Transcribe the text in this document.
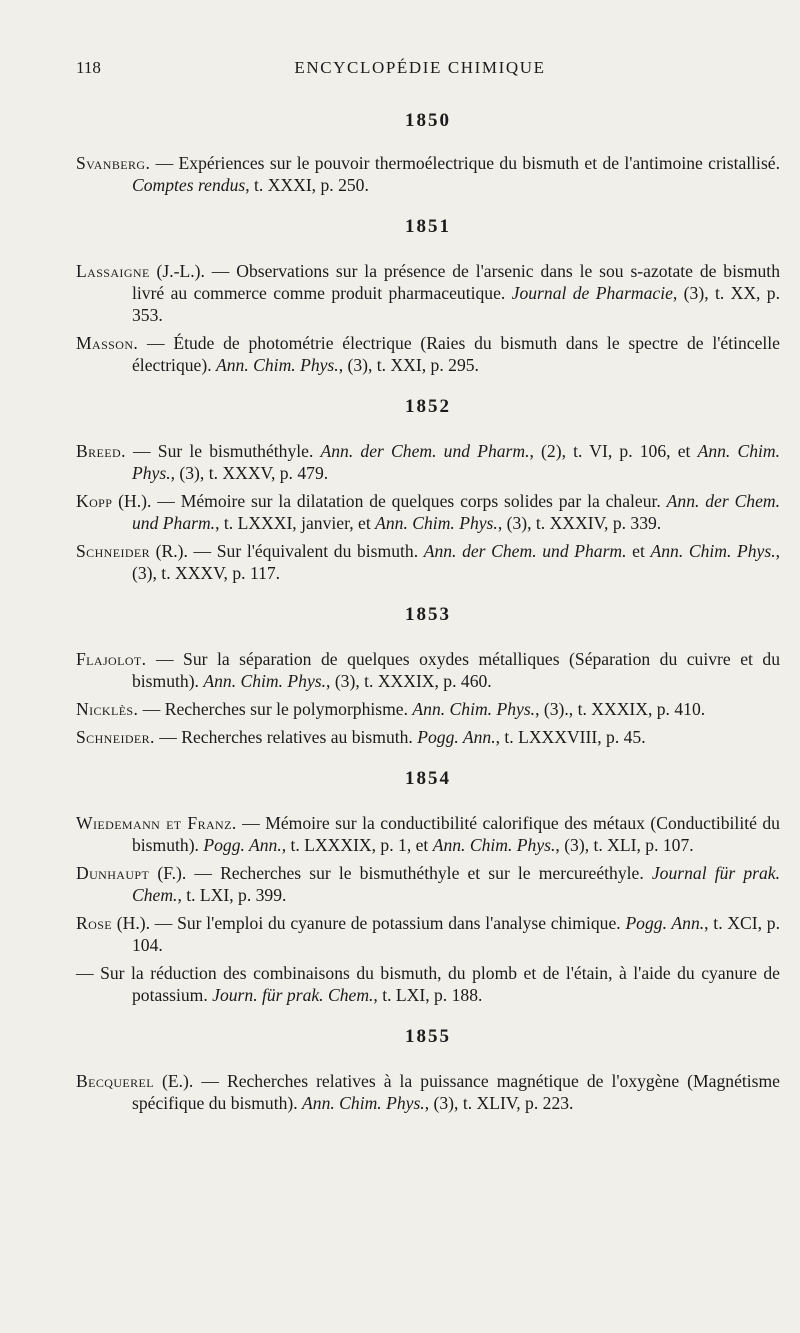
118	ENCYCLOPÉDIE CHIMIQUE
1850

Svanberg. — Expériences sur le pouvoir thermoélectrique du bismuth et de l'antimoine cristallisé. Comptes rendus, t. XXXI, p. 250.

1851

Lassaigne (J.-L.). — Observations sur la présence de l'arsenic dans le sou s-azotate de bismuth livré au commerce comme produit pharmaceutique. Journal de Pharmacie, (3), t. XX, p. 353.

Masson. — Étude de photométrie électrique (Raies du bismuth dans le spectre de l'étincelle électrique). Ann. Chim. Phys., (3), t. XXI, p. 295.

1852

Breed. — Sur le bismuthéthyle. Ann. der Chem. und Pharm., (2), t. VI, p. 106, et Ann. Chim. Phys., (3), t. XXXV, p. 479.

Kopp (H.). — Mémoire sur la dilatation de quelques corps solides par la chaleur. Ann. der Chem. und Pharm., t. LXXXI, janvier, et Ann. Chim. Phys., (3), t. XXXIV, p. 339.

Schneider (R.). — Sur l'équivalent du bismuth. Ann. der Chem. und Pharm. et Ann. Chim. Phys., (3), t. XXXV, p. 117.

1853

Flajolot. — Sur la séparation de quelques oxydes métalliques (Séparation du cuivre et du bismuth). Ann. Chim. Phys., (3), t. XXXIX, p. 460.

Nicklès. — Recherches sur le polymorphisme. Ann. Chim. Phys., (3)., t. XXXIX, p. 410.

Schneider. — Recherches relatives au bismuth. Pogg. Ann., t. LXXXVIII, p. 45.

1854

Wiedemann et Franz. — Mémoire sur la conductibilité calorifique des métaux (Conductibilité du bismuth). Pogg. Ann., t. LXXXIX, p. 1, et Ann. Chim. Phys., (3), t. XLI, p. 107.

Dunhaupt (F.). — Recherches sur le bismuthéthyle et sur le mercureéthyle. Journal für prak. Chem., t. LXI, p. 399.

Rose (H.). — Sur l'emploi du cyanure de potassium dans l'analyse chimique. Pogg. Ann., t. XCI, p. 104.

— Sur la réduction des combinaisons du bismuth, du plomb et de l'étain, à l'aide du cyanure de potassium. Journ. für prak. Chem., t. LXI, p. 188.

1855

Becquerel (E.). — Recherches relatives à la puissance magnétique de l'oxygène (Magnétisme spécifique du bismuth). Ann. Chim. Phys., (3), t. XLIV, p. 223.
